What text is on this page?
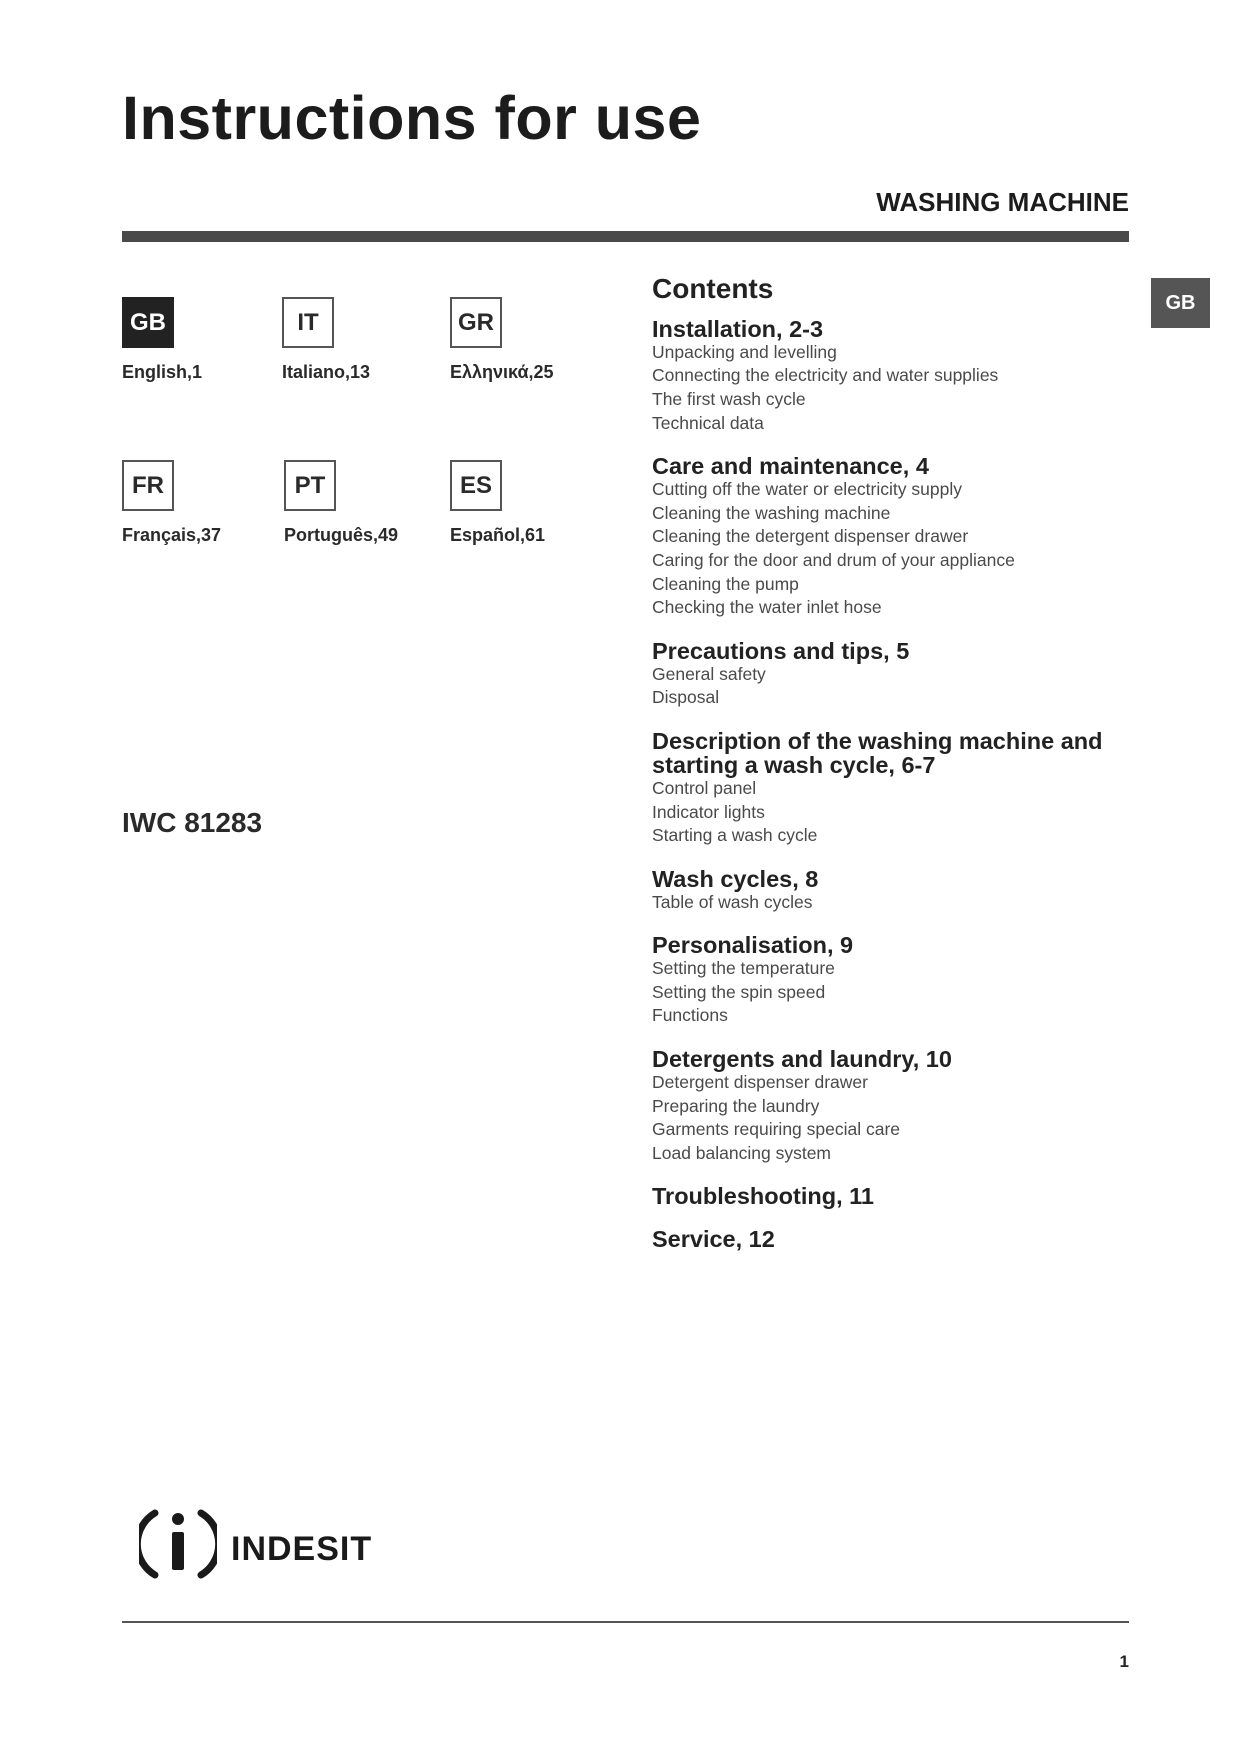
Instructions for use
WASHING MACHINE
GB
GB
English,1
IT
Italiano,13
GR
Ελληνικά,25
FR
Français,37
PT
Português,49
ES
Español,61
IWC 81283
Contents
Installation, 2-3
Unpacking and levelling
Connecting the electricity and water supplies
The first wash cycle
Technical data
Care and maintenance, 4
Cutting off the water or electricity supply
Cleaning the washing machine
Cleaning the detergent dispenser drawer
Caring for the door and drum of your appliance
Cleaning the pump
Checking the water inlet hose
Precautions and tips, 5
General safety
Disposal
Description of the washing machine and starting a wash cycle, 6-7
Control panel
Indicator lights
Starting a wash cycle
Wash cycles, 8
Table of wash cycles
Personalisation, 9
Setting the temperature
Setting the spin speed
Functions
Detergents and laundry, 10
Detergent dispenser drawer
Preparing the laundry
Garments requiring special care
Load balancing system
Troubleshooting, 11
Service, 12
indesit
1
